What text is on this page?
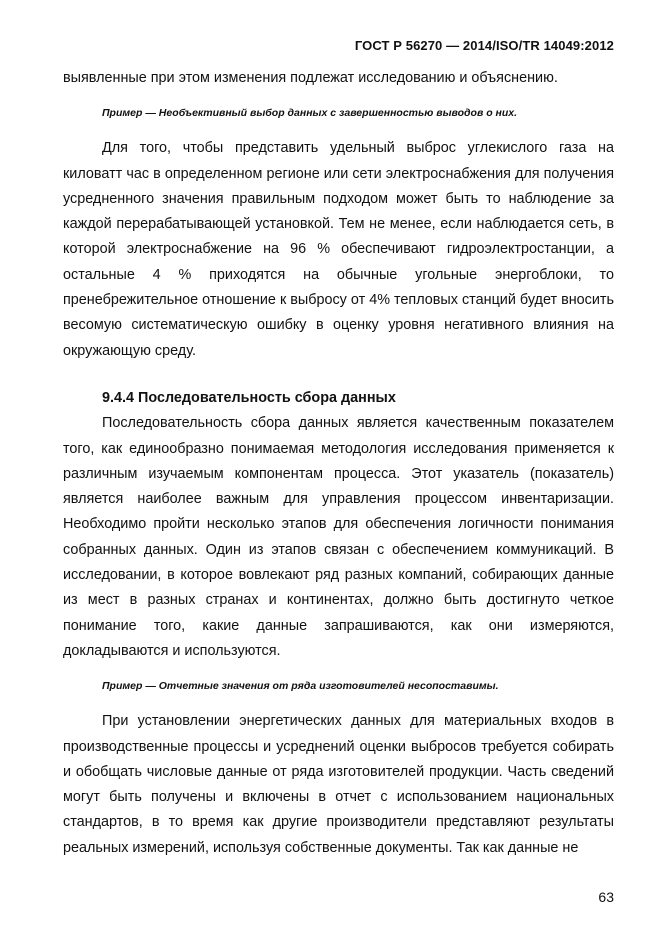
ГОСТ Р 56270 — 2014/ISO/TR 14049:2012

выявленные при этом изменения подлежат исследованию и объяснению.

Пример — Необъективный выбор данных с завершенностью выводов о них.

Для того, чтобы представить удельный выброс углекислого газа на киловатт час в определенном регионе или сети электроснабжения для получения усредненного значения правильным подходом может быть то наблюдение за каждой перерабатывающей установкой. Тем не менее, если наблюдается сеть, в которой электроснабжение на 96 % обеспечивают гидроэлектростанции, а остальные 4 % приходятся на обычные угольные энергоблоки, то пренебрежительное отношение к выбросу от 4% тепловых станций будет вносить весомую систематическую ошибку в оценку уровня негативного влияния на окружающую среду.

9.4.4 Последовательность сбора данных

Последовательность сбора данных является качественным показателем того, как единообразно понимаемая методология исследования применяется к различным изучаемым компонентам процесса. Этот указатель (показатель) является наиболее важным для управления процессом инвентаризации. Необходимо пройти несколько этапов для обеспечения логичности понимания собранных данных. Один из этапов связан с обеспечением коммуникаций. В исследовании, в которое вовлекают ряд разных компаний, собирающих данные из мест в разных странах и континентах, должно быть достигнуто четкое понимание того, какие данные запрашиваются, как они измеряются, докладываются и используются.

Пример — Отчетные значения от ряда изготовителей несопоставимы.

При установлении энергетических данных для материальных входов в производственные процессы и усреднений оценки выбросов требуется собирать и обобщать числовые данные от ряда изготовителей продукции. Часть сведений могут быть получены и включены в отчет с использованием национальных стандартов, в то время как другие производители представляют результаты реальных измерений, используя собственные документы. Так как данные не

63
